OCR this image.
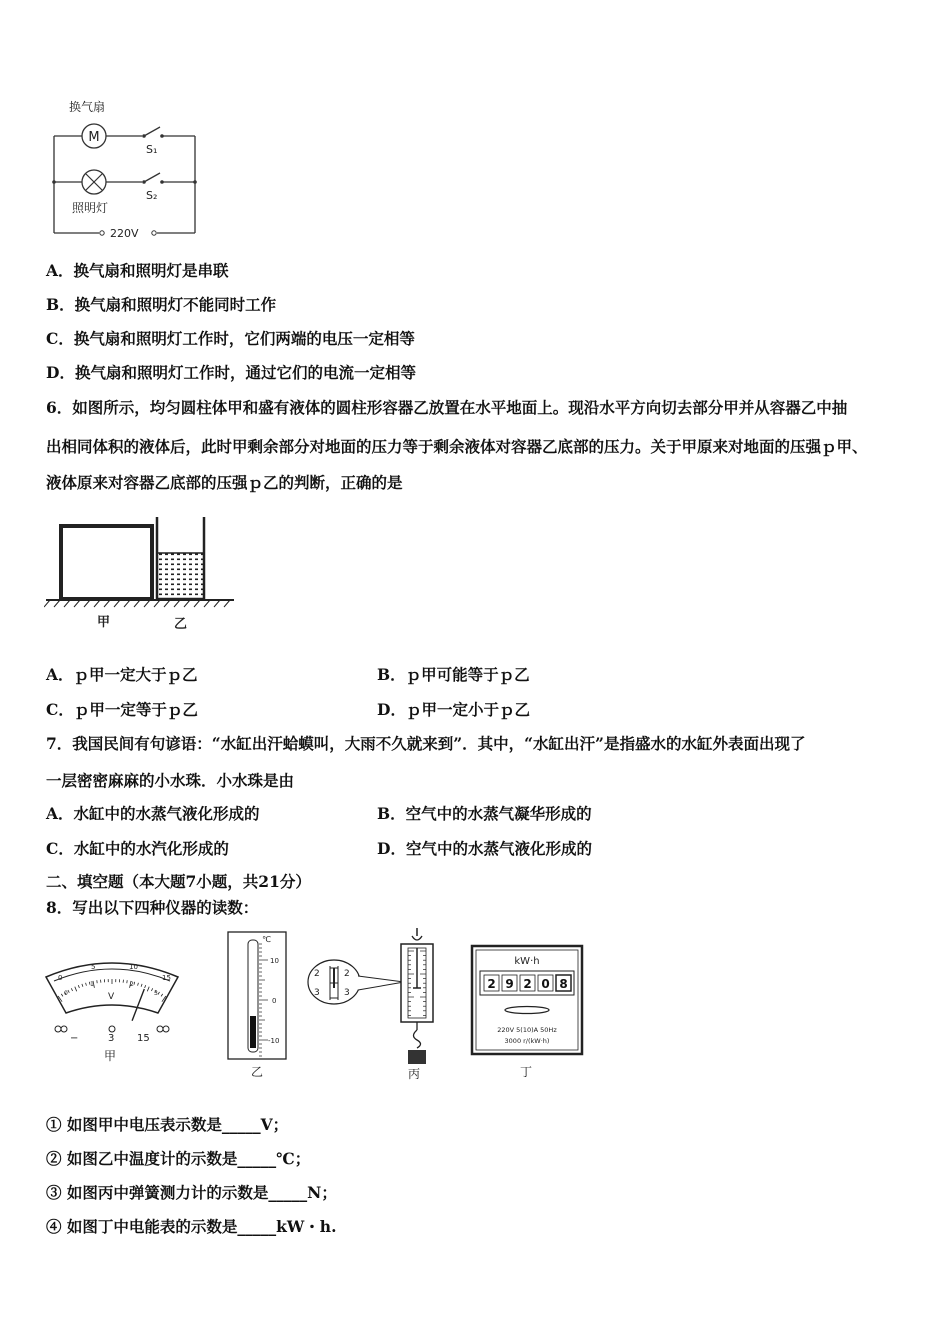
换气扇
M
S₁
S₂
照明灯
220V
A．换气扇和照明灯是串联
B．换气扇和照明灯不能同时工作
C．换气扇和照明灯工作时，它们两端的电压一定相等
D．换气扇和照明灯工作时，通过它们的电流一定相等
6．如图所示，均匀圆柱体甲和盛有液体的圆柱形容器乙放置在水平地面上。现沿水平方向切去部分甲并从容器乙中抽
出相同体积的液体后，此时甲剩余部分对地面的压力等于剩余液体对容器乙底部的压力。关于甲原来对地面的压强ｐ甲、
液体原来对容器乙底部的压强ｐ乙的判断，正确的是
甲	乙
A．ｐ甲一定大于ｐ乙	B．ｐ甲可能等于ｐ乙
C．ｐ甲一定等于ｐ乙	D．ｐ甲一定小于ｐ乙
7．我国民间有句谚语：“水缸出汗蛤蟆叫，大雨不久就来到”．其中，“水缸出汗”是指盛水的水缸外表面出现了
一层密密麻麻的小水珠．小水珠是由
A．水缸中的水蒸气液化形成的	B．空气中的水蒸气凝华形成的
C．水缸中的水汽化形成的	D．空气中的水蒸气液化形成的
二、填空题（本大题7小题，共21分）
8．写出以下四种仪器的读数：
0
5	10
15
0
1	2
3
V
−	3 15
甲
℃
10
0
-10
乙
2
3
2
3
丙
kW·h
2 9 2 0 8
220V 5(10)A 50Hz
3000 r/(kW·h)
丁
① 如图甲中电压表示数是_____V；
② 如图乙中温度计的示数是_____℃；
③ 如图丙中弹簧测力计的示数是_____N；
④ 如图丁中电能表的示数是_____kW・h.
